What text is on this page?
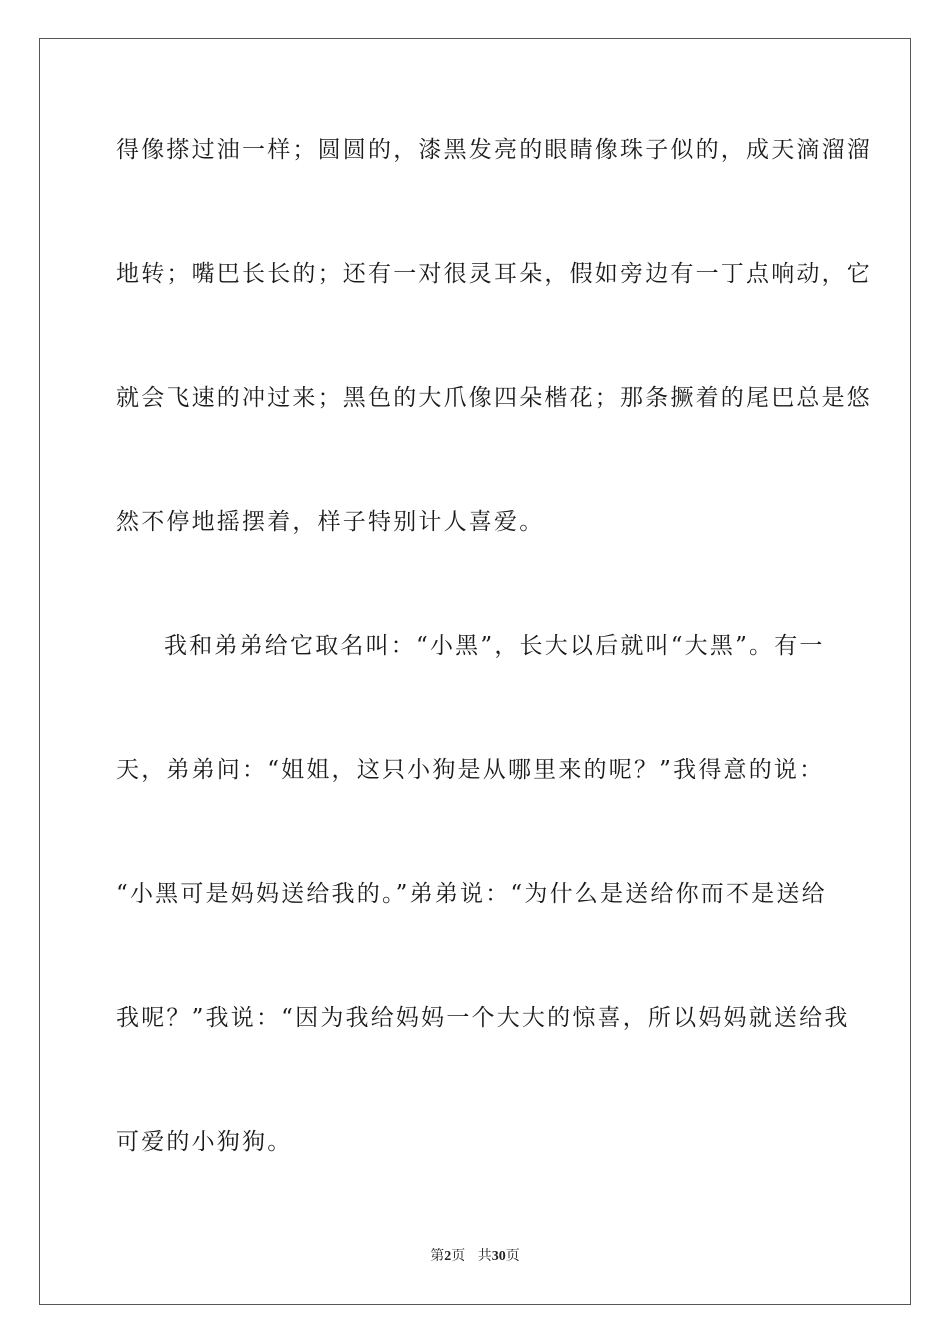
得像搽过油一样；圆圆的，漆黑发亮的眼睛像珠子似的，成天滴溜溜
地转；嘴巴长长的；还有一对很灵耳朵，假如旁边有一丁点响动，它
就会飞速的冲过来；黑色的大爪像四朵楷花；那条撅着的尾巴总是悠
然不停地摇摆着，样子特别计人喜爱。
我和弟弟给它取名叫：“小黑”，长大以后就叫“大黑”。有一
天，弟弟问：“姐姐，这只小狗是从哪里来的呢？”我得意的说：
“小黑可是妈妈送给我的。”弟弟说：“为什么是送给你而不是送给
我呢？”我说：“因为我给妈妈一个大大的惊喜，所以妈妈就送给我
可爱的小狗狗。
第2页 共30页
